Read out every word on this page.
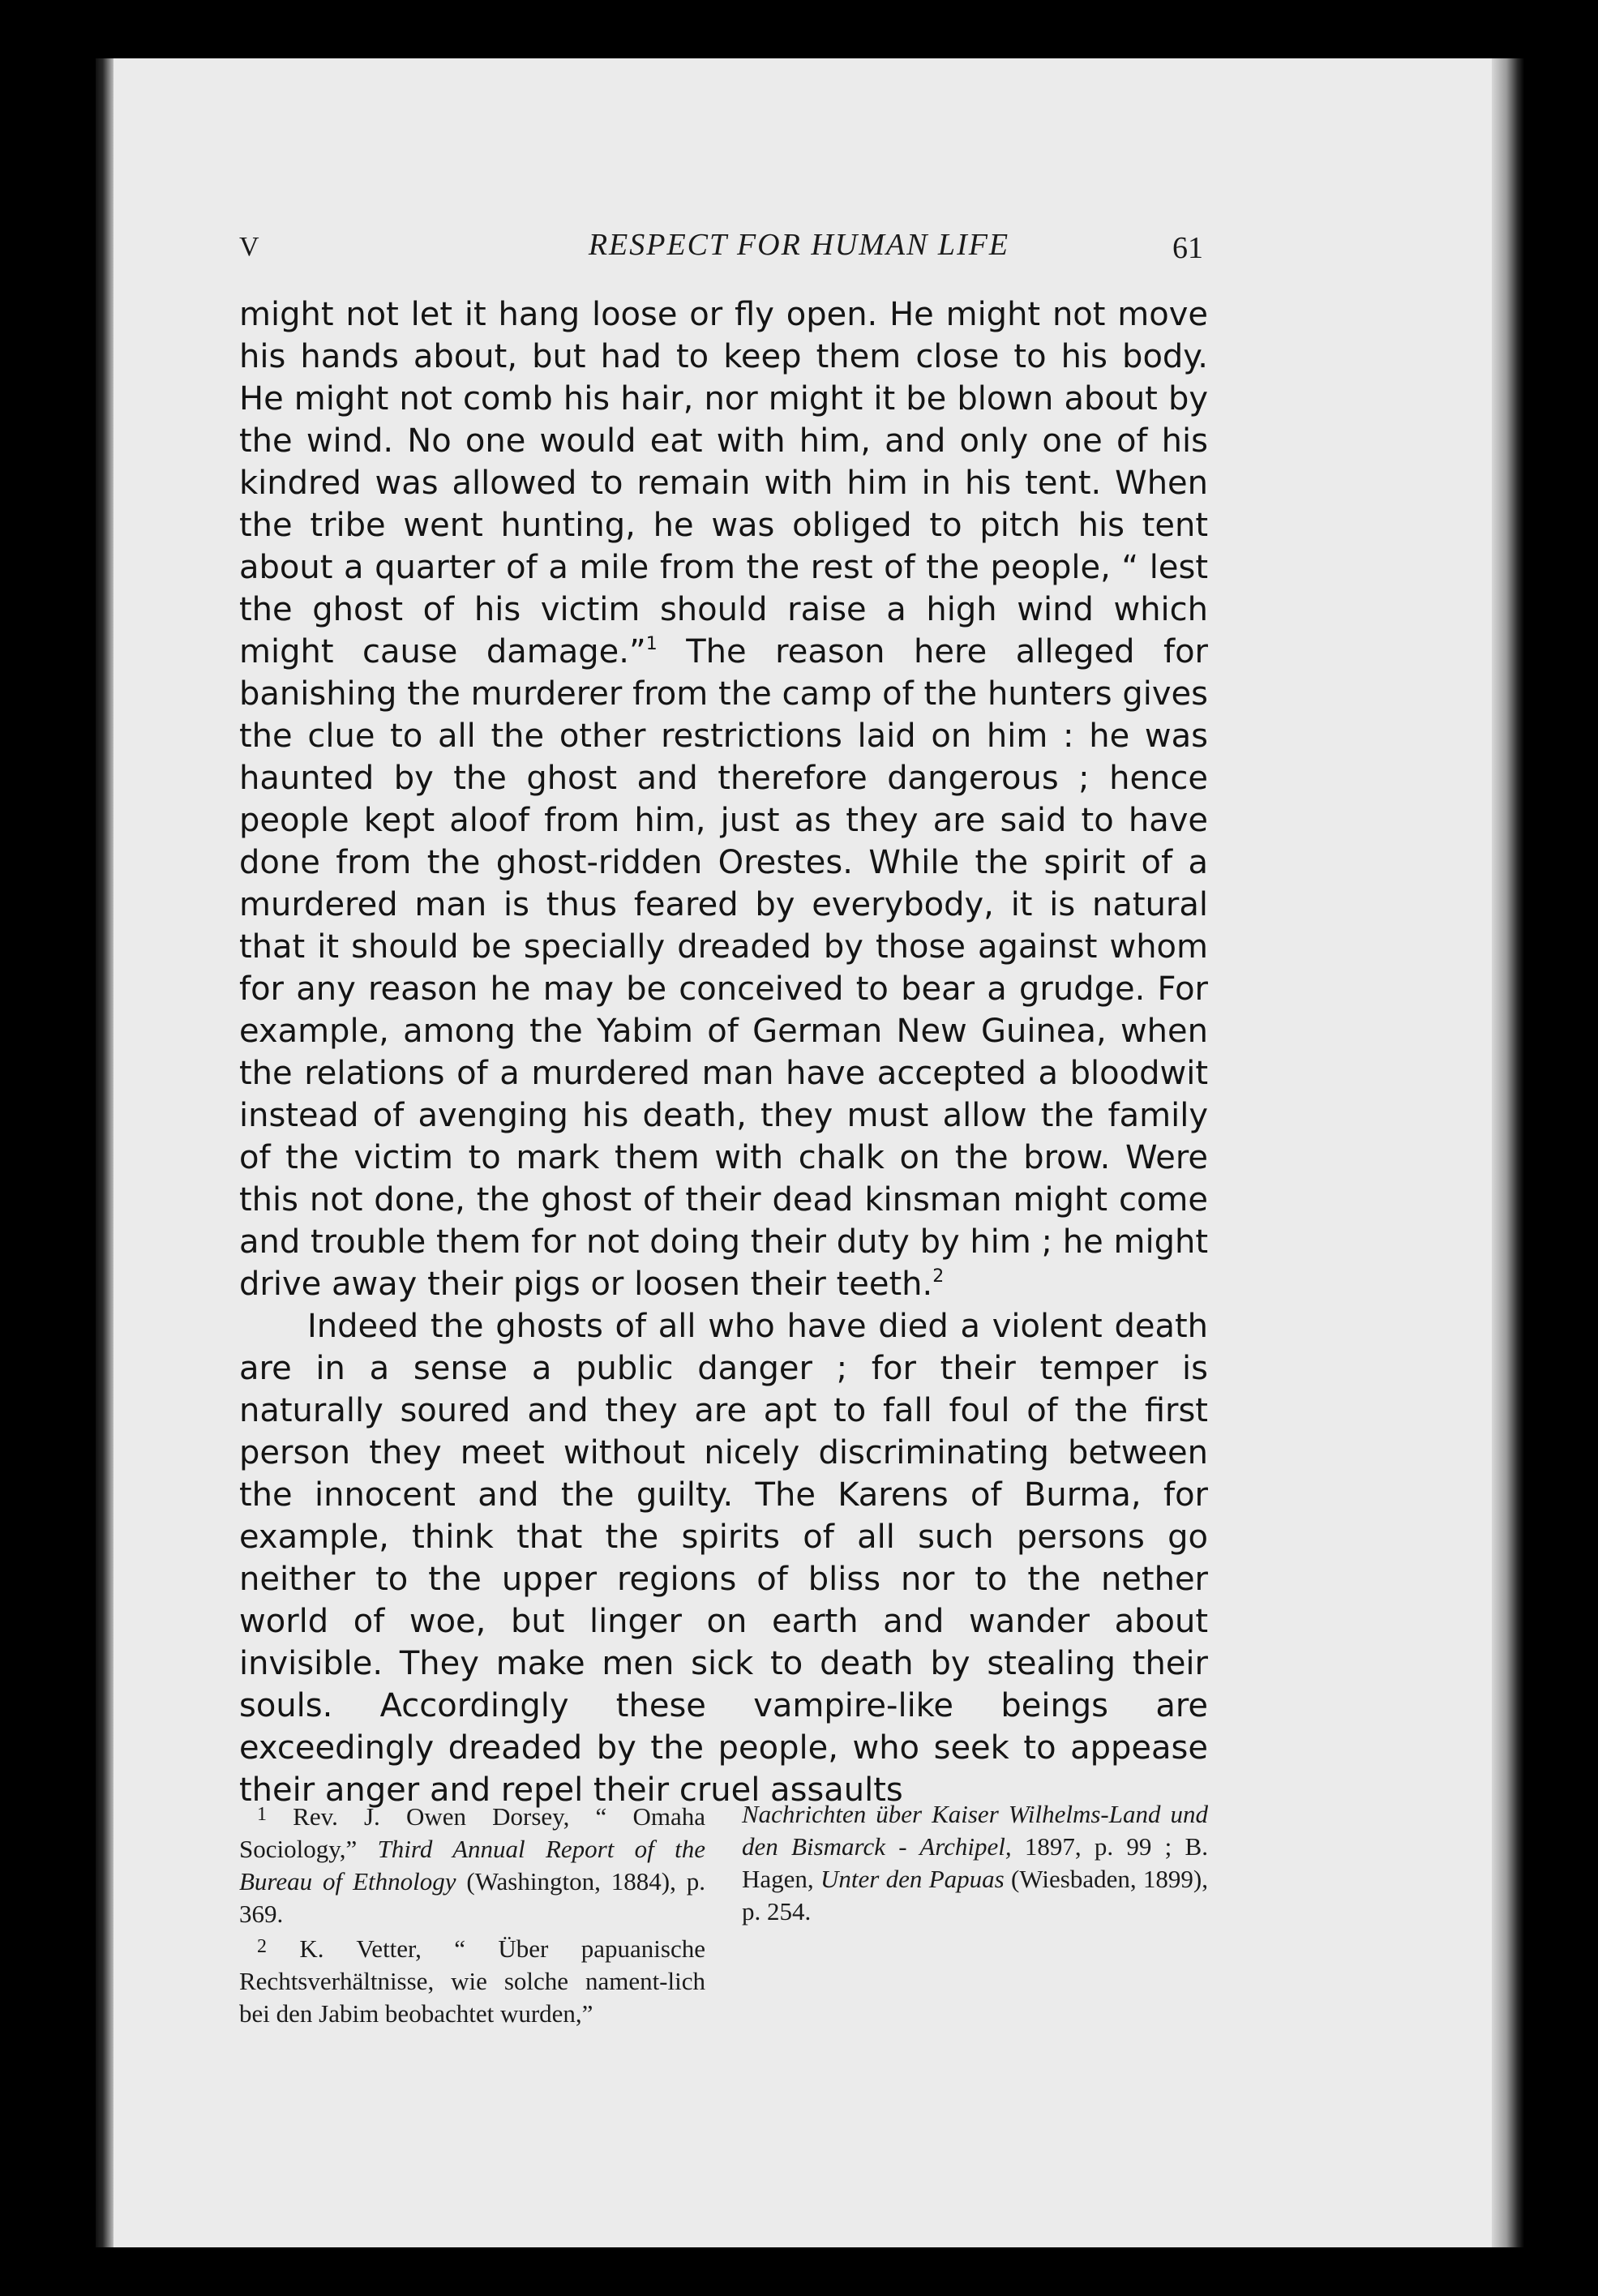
V	RESPECT FOR HUMAN LIFE	61

might not let it hang loose or fly open. He might not move his hands about, but had to keep them close to his body. He might not comb his hair, nor might it be blown about by the wind. No one would eat with him, and only one of his kindred was allowed to remain with him in his tent. When the tribe went hunting, he was obliged to pitch his tent about a quarter of a mile from the rest of the people, “ lest the ghost of his victim should raise a high wind which might cause damage.”$^1$ The reason here alleged for banishing the murderer from the camp of the hunters gives the clue to all the other restrictions laid on him : he was haunted by the ghost and therefore dangerous ; hence people kept aloof from him, just as they are said to have done from the ghost-ridden Orestes. While the spirit of a murdered man is thus feared by everybody, it is natural that it should be specially dreaded by those against whom for any reason he may be conceived to bear a grudge. For example, among the Yabim of German New Guinea, when the relations of a murdered man have accepted a bloodwit instead of avenging his death, they must allow the family of the victim to mark them with chalk on the brow. Were this not done, the ghost of their dead kinsman might come and trouble them for not doing their duty by him ; he might drive away their pigs or loosen their teeth.$^2$

Indeed the ghosts of all who have died a violent death are in a sense a public danger ; for their temper is naturally soured and they are apt to fall foul of the first person they meet without nicely discriminating between the innocent and the guilty. The Karens of Burma, for example, think that the spirits of all such persons go neither to the upper regions of bliss nor to the nether world of woe, but linger on earth and wander about invisible. They make men sick to death by stealing their souls. Accordingly these vampire-like beings are exceedingly dreaded by the people, who seek to appease their anger and repel their cruel assaults

1 Rev. J. Owen Dorsey, “ Omaha Sociology,” Third Annual Report of the Bureau of Ethnology (Washington, 1884), p. 369.

2 K. Vetter, “ Über papuanische Rechtsverhältnisse, wie solche nament-lich bei den Jabim beobachtet wurden,”

Nachrichten über Kaiser Wilhelms-Land und den Bismarck - Archipel, 1897, p. 99 ; B. Hagen, Unter den Papuas (Wiesbaden, 1899), p. 254.
